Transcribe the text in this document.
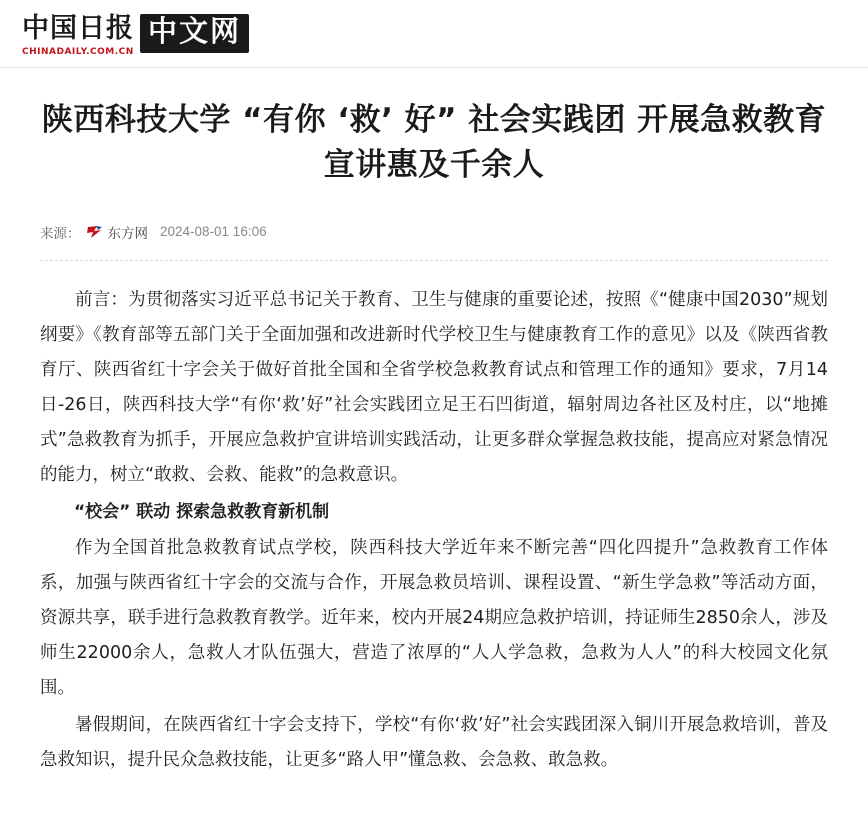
中国日报
CHINADAILY.COM.CN
中文网
陕西科技大学 “有你 ‘救’ 好” 社会实践团 开展急救教育宣讲惠及千余人
来源： 东方网 2024-08-01 16:06

前言：为贯彻落实习近平总书记关于教育、卫生与健康的重要论述，按照《“健康中国2030”规划纲要》《教育部等五部门关于全面加强和改进新时代学校卫生与健康教育工作的意见》以及《陕西省教育厅、陕西省红十字会关于做好首批全国和全省学校急救教育试点和管理工作的通知》要求，7月14日-26日，陕西科技大学“有你‘救’好”社会实践团立足王石凹街道，辐射周边各社区及村庄，以“地摊式”急救教育为抓手，开展应急救护宣讲培训实践活动，让更多群众掌握急救技能，提高应对紧急情况的能力，树立“敢救、会救、能救”的急救意识。

“校会” 联动 探索急救教育新机制

作为全国首批急救教育试点学校，陕西科技大学近年来不断完善“四化四提升”急救教育工作体系，加强与陕西省红十字会的交流与合作，开展急救员培训、课程设置、“新生学急救”等活动方面，资源共享，联手进行急救教育教学。近年来，校内开展24期应急救护培训，持证师生2850余人，涉及师生22000余人，急救人才队伍强大，营造了浓厚的“人人学急救，急救为人人”的科大校园文化氛围。

暑假期间，在陕西省红十字会支持下，学校“有你‘救’好”社会实践团深入铜川开展急救培训，普及急救知识，提升民众急救技能，让更多“路人甲”懂急救、会急救、敢急救。
